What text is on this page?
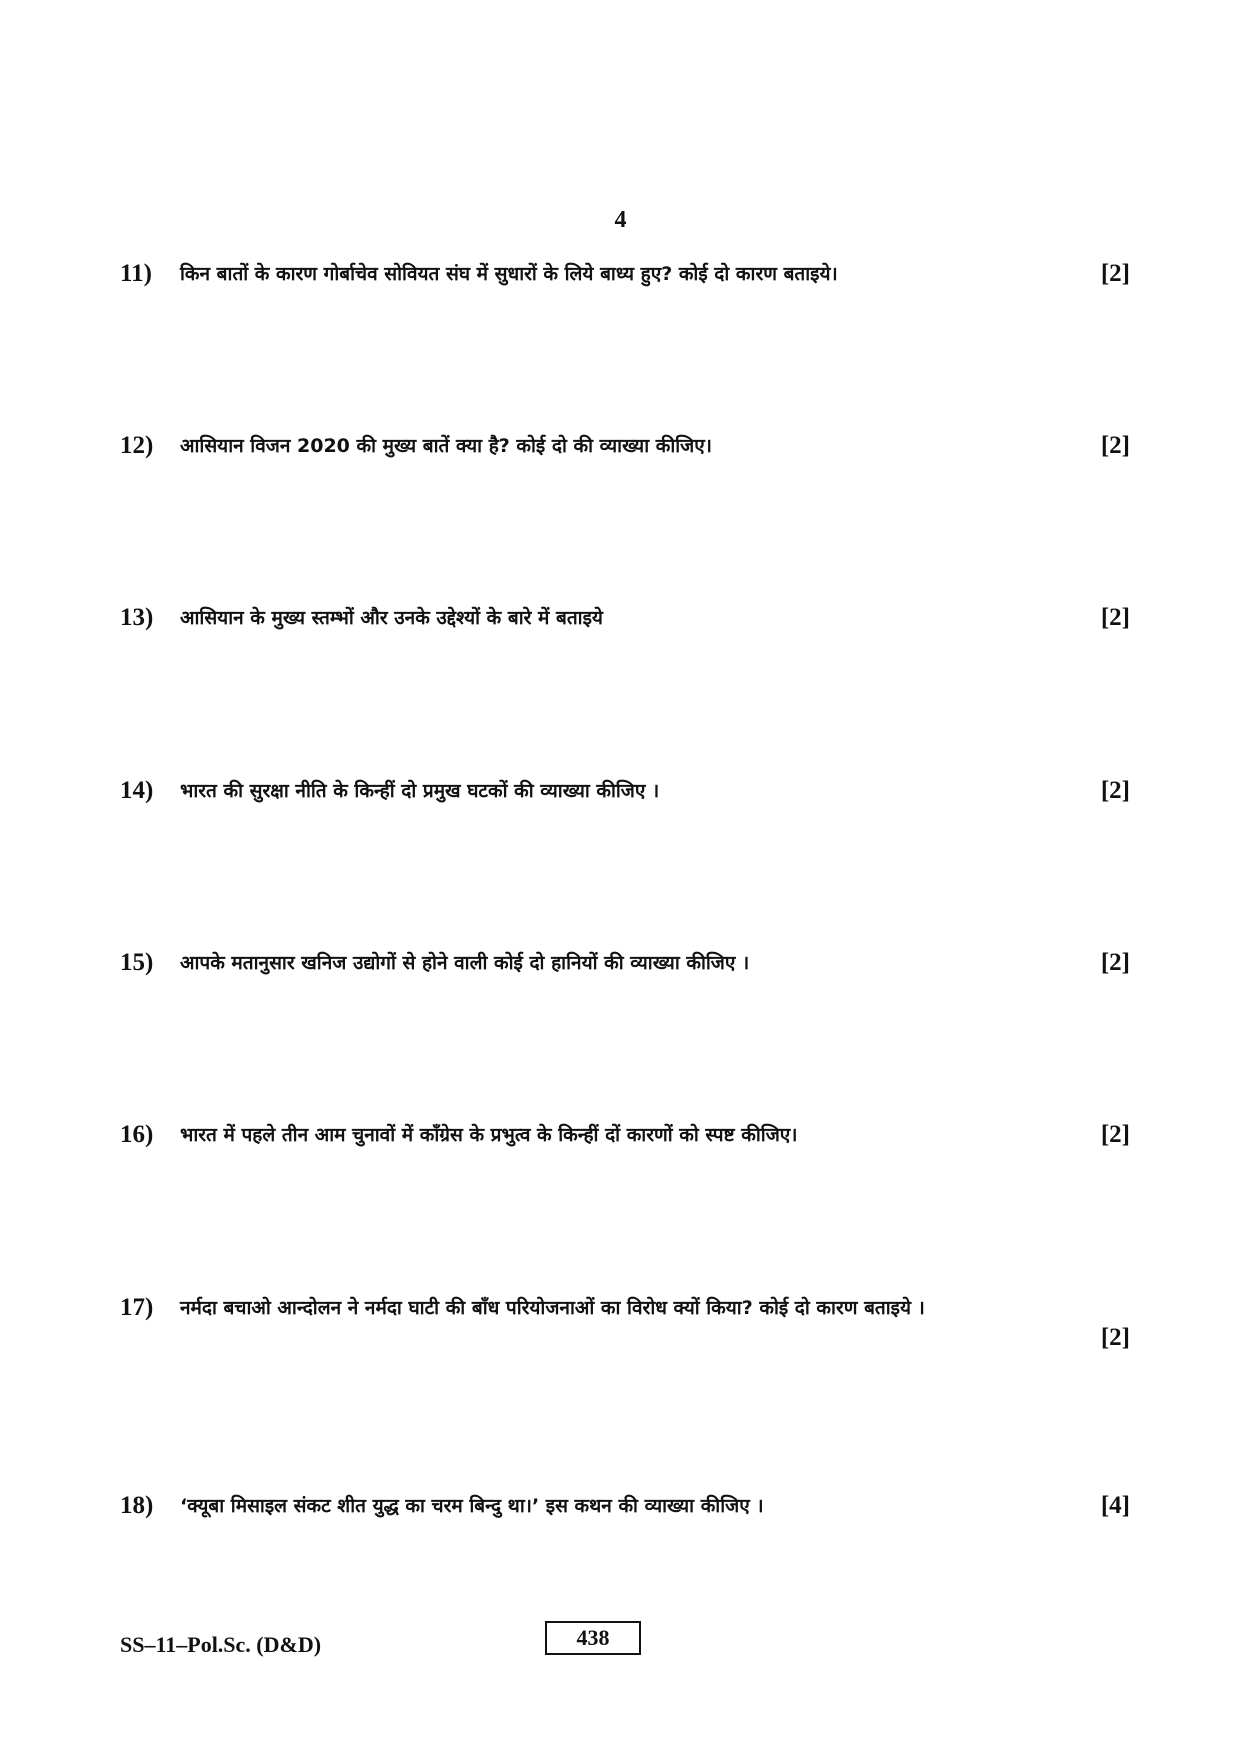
4
11) किन बातों के कारण गोर्बाचेव सोवियत संघ में सुधारों के लिये बाध्य हुए? कोई दो कारण बताइये।	[2]
12) आसियान विजन 2020 की मुख्य बातें क्या है? कोई दो की व्याख्या कीजिए।	[2]
13) आसियान के मुख्य स्तम्भों और उनके उद्देश्यों के बारे में बताइये	[2]
14) भारत की सुरक्षा नीति के किन्हीं दो प्रमुख घटकों की व्याख्या कीजिए ।	[2]
15) आपके मतानुसार खनिज उद्योगों से होने वाली कोई दो हानियों की व्याख्या कीजिए ।	[2]
16) भारत में पहले तीन आम चुनावों में काँग्रेस के प्रभुत्व के किन्हीं दों कारणों को स्पष्ट कीजिए।	[2]
17) नर्मदा बचाओ आन्दोलन ने नर्मदा घाटी की बाँध परियोजनाओं का विरोध क्यों किया? कोई दो कारण बताइये ।
[2]
18) ‘क्यूबा मिसाइल संकट शीत युद्ध का चरम बिन्दु था।’ इस कथन की व्याख्या कीजिए ।	[4]
SS–11–Pol.Sc. (D&D)	438
